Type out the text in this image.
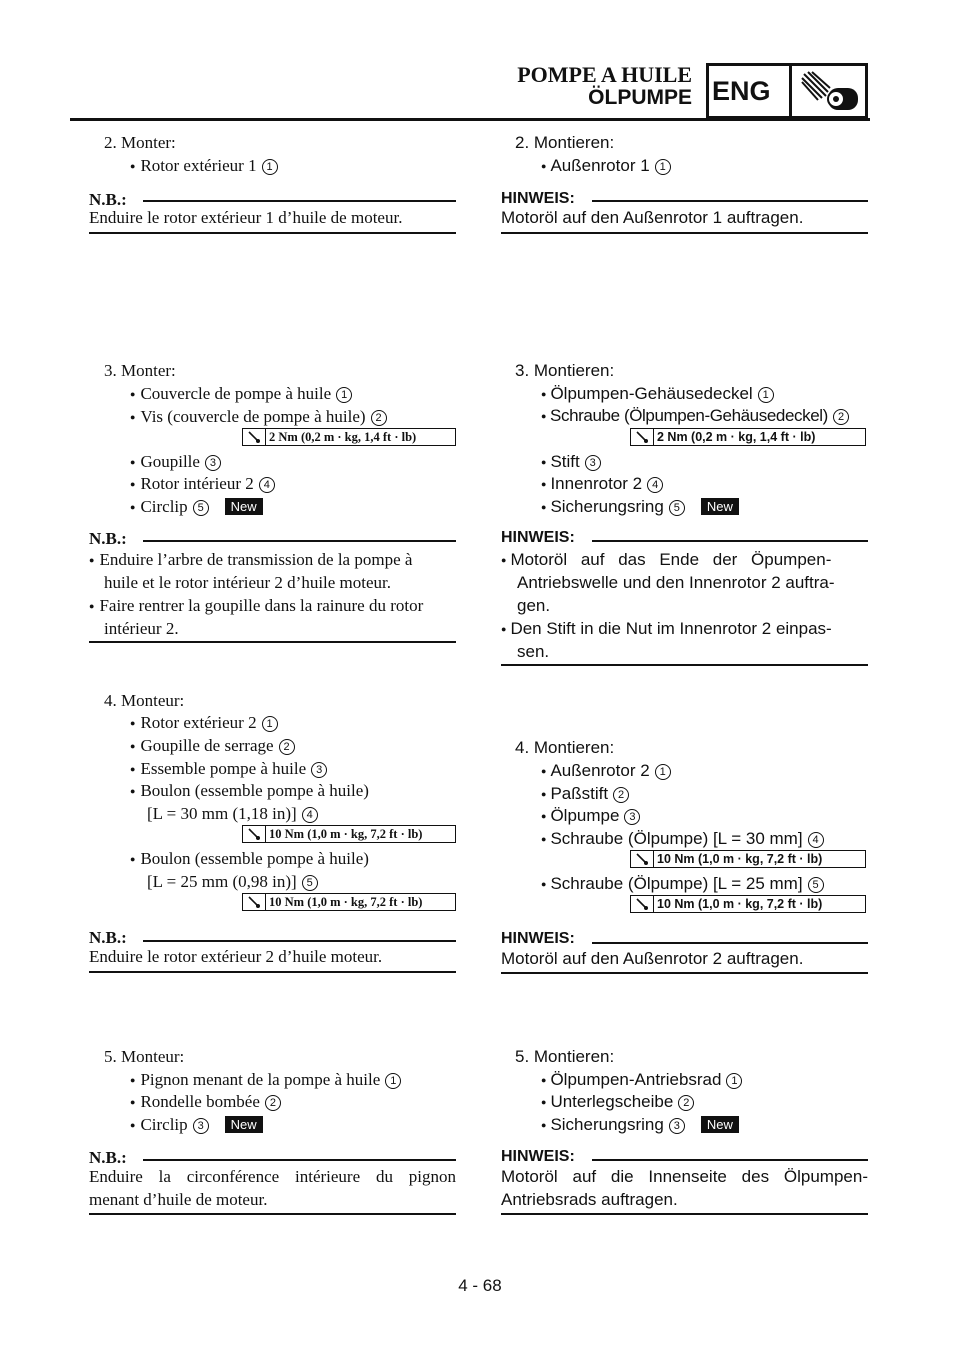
POMPE A HUILE
ÖLPUMPE ENG
2. Monter:
● Rotor extérieur 1 1
N.B.:
Enduire le rotor extérieur 1 d’huile de moteur.
3. Monter:
● Couvercle de pompe à huile 1
● Vis (couvercle de pompe à huile) 2
2 Nm (0,2 m · kg, 1,4 ft · lb)
● Goupille 3
● Rotor intérieur 2 4
● Circlip 5 New
N.B.:
● Enduire l’arbre de transmission de la pompe à
huile et le rotor intérieur 2 d’huile moteur.
● Faire rentrer la goupille dans la rainure du rotor
intérieur 2.
4. Monteur:
● Rotor extérieur 2 1
● Goupille de serrage 2
● Essemble pompe à huile 3
● Boulon (essemble pompe à huile)
[L = 30 mm (1,18 in)] 4
10 Nm (1,0 m · kg, 7,2 ft · lb)
● Boulon (essemble pompe à huile)
[L = 25 mm (0,98 in)] 5
10 Nm (1,0 m · kg, 7,2 ft · lb)
N.B.:
Enduire le rotor extérieur 2 d’huile moteur.
5. Monteur:
● Pignon menant de la pompe à huile 1
● Rondelle bombée 2
● Circlip 3 New
N.B.:
Enduire la circonférence intérieure du pignon
menant d’huile de moteur.
2. Montieren:
● Außenrotor 1 1
HINWEIS:
Motoröl auf den Außenrotor 1 auftragen.
3. Montieren:
● Ölpumpen-Gehäusedeckel 1
● Schraube (Ölpumpen-Gehäusedeckel) 2
2 Nm (0,2 m · kg, 1,4 ft · lb)
● Stift 3
● Innenrotor 2 4
● Sicherungsring 5 New
HINWEIS:
● Motoröl auf das Ende der Öpumpen-
Antriebswelle und den Innenrotor 2 auftra-
gen.
● Den Stift in die Nut im Innenrotor 2 einpas-
sen.
4. Montieren:
● Außenrotor 2 1
● Paßstift 2
● Ölpumpe 3
● Schraube (Ölpumpe) [L = 30 mm] 4
10 Nm (1,0 m · kg, 7,2 ft · lb)
● Schraube (Ölpumpe) [L = 25 mm] 5
10 Nm (1,0 m · kg, 7,2 ft · lb)
HINWEIS:
Motoröl auf den Außenrotor 2 auftragen.
5. Montieren:
● Ölpumpen-Antriebsrad 1
● Unterlegscheibe 2
● Sicherungsring 3 New
HINWEIS:
Motoröl auf die Innenseite des Ölpumpen-
Antriebsrads auftragen.
4 - 68
